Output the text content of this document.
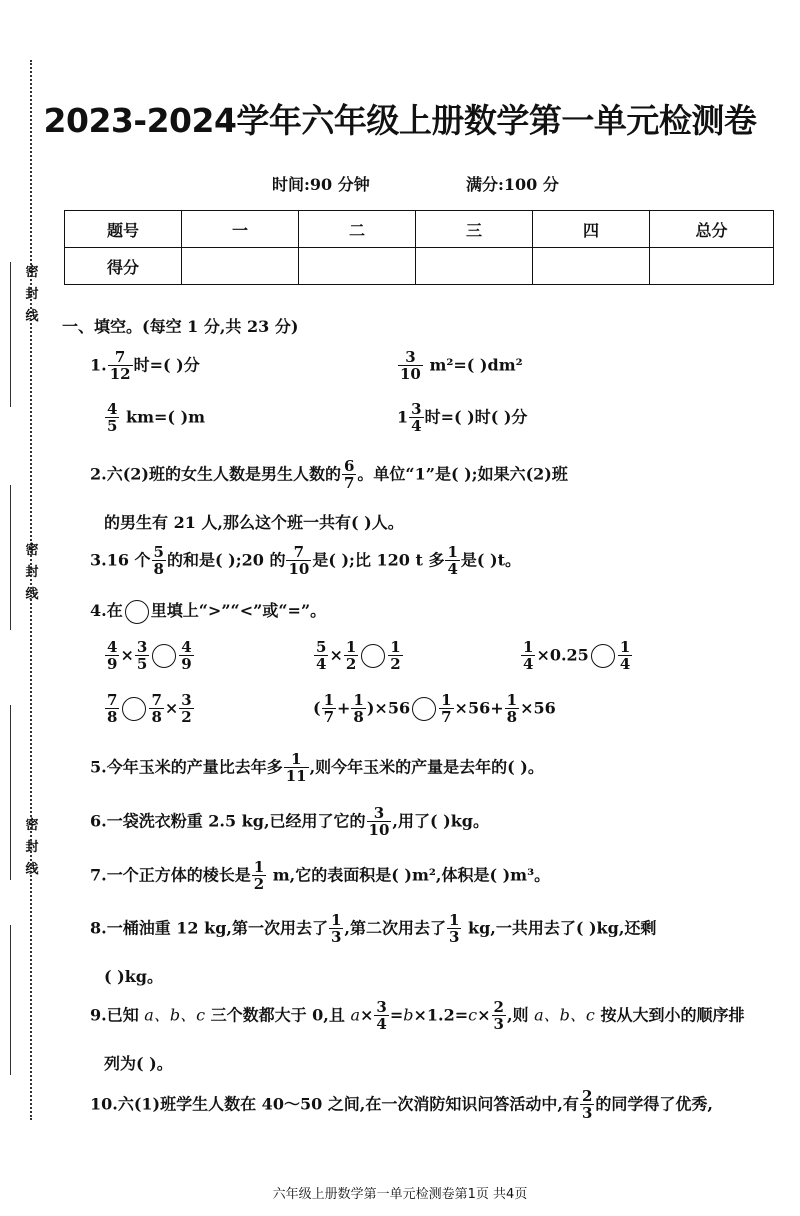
密
封
线
密
封
线
密
封
线
2023-2024学年六年级上册数学第一单元检测卷
时间:90 分钟	满分:100 分
题号	一	二	三	四	总分
得分					
一、填空。(每空 1 分,共 23 分)
1. $\frac{7}{12}$ 时=( )分	$\frac{3}{10} m^2=$( )dm²
$\frac{4}{5} km=$( )m	$1 \frac{3}{4}$ 时=( )时( )分
2.六(2)班的女生人数是男生人数的 $\frac{6}{7}$ 。单位“1”是( );如果六(2)班
的男生有 21 人,那么这个班一共有( )人。
3.16 个 $\frac{5}{8}$ 的和是( );20 的 $\frac{7}{10}$ 是( );比 120 t 多 $\frac{1}{4}$ 是( )t。
4.在 里填上“>”“<”或“=”。
$\frac{4}{9} \times \frac{3}{5} \frac{4}{9}$	$\frac{5}{4} \times \frac{1}{2} \frac{1}{2}$	$\frac{1}{4} \times 0.25 \frac{1}{4}$
$\frac{7}{8} \frac{7}{8} \times \frac{3}{2}$	( $\frac{1}{7} + \frac{1}{8} )\times 56 \frac{1}{7} \times 56+ \frac{1}{8} \times 56$
5.今年玉米的产量比去年多 $\frac{1}{11}$ ,则今年玉米的产量是去年的( )。
6.一袋洗衣粉重 2.5 kg,已经用了它的 $\frac{3}{10}$ ,用了( )kg。
7.一个正方体的棱长是 $\frac{1}{2} m$,它的表面积是( )m²,体积是( )m³。
8.一桶油重 12 kg,第一次用去了 $\frac{1}{3}$ ,第二次用去了 $\frac{1}{3}$ kg,一共用去了( )kg,还剩
( )kg。
9.已知 a、b、c 三个数都大于 0,且 $a\times \frac{3}{4} =b\times 1.2=c\times \frac{2}{3}$ ,则 a、b、c 按从大到小的顺序排
列为( )。
10.六(1)班学生人数在 40～50 之间,在一次消防知识问答活动中,有 $\frac{2}{3}$ 的同学得了优秀,
六年级上册数学第一单元检测卷第1页 共4页
